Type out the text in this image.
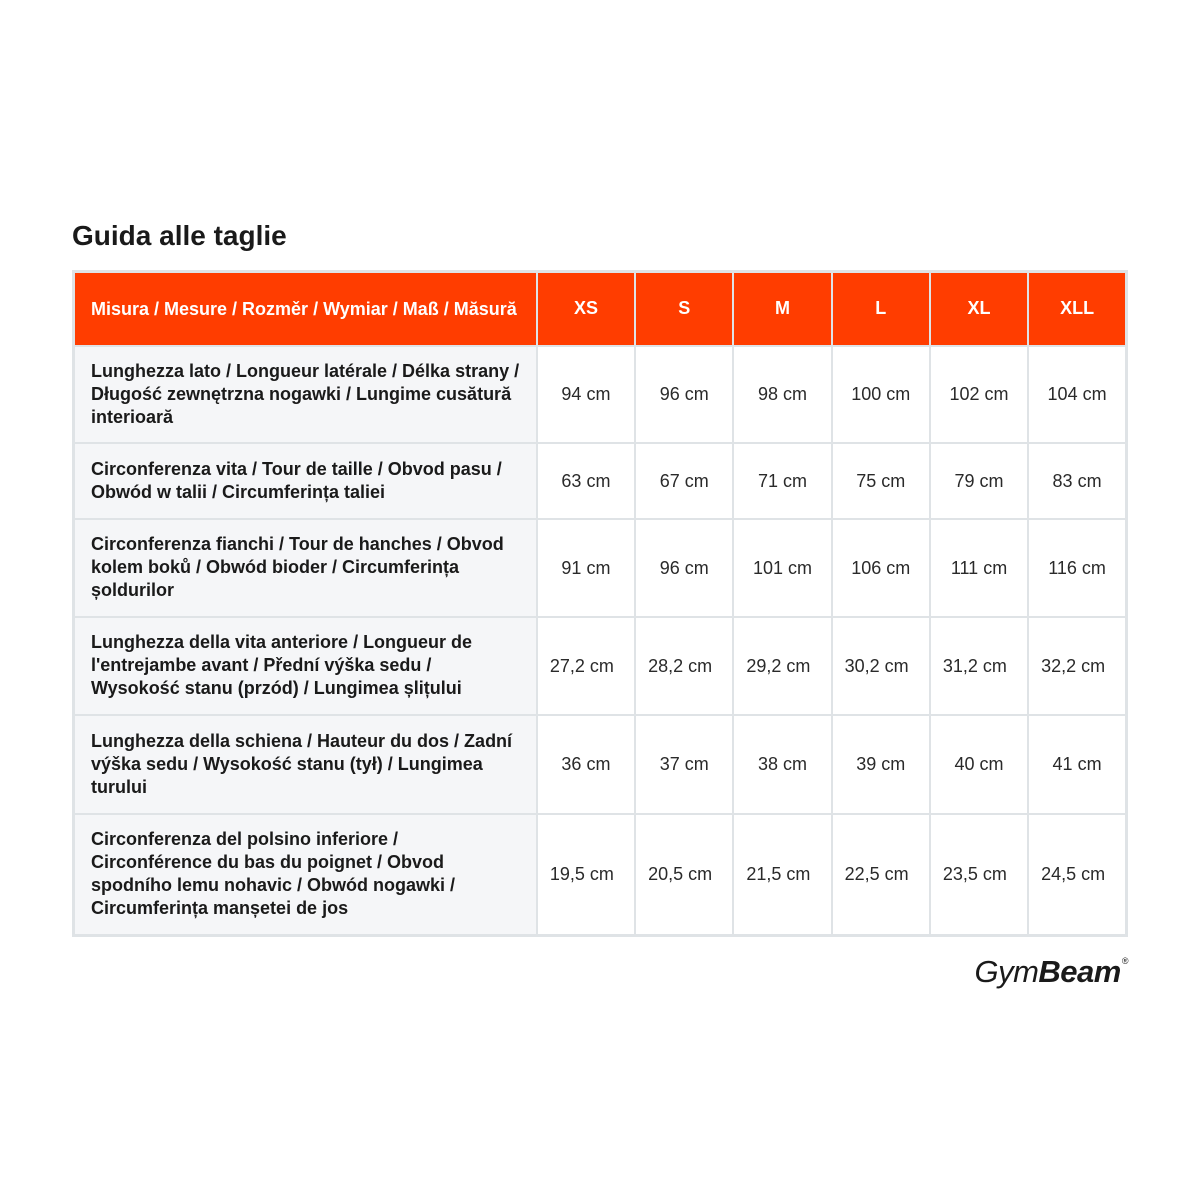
Guida alle taglie
Misura / Mesure / Rozměr / Wymiar / Maß / Măsură	XS	S	M	L	XL	XLL
Lunghezza lato / Longueur latérale / Délka strany / Długość zewnętrzna nogawki / Lungime cusătură interioară	94 cm	96 cm	98 cm	100 cm	102 cm	104 cm
Circonferenza vita / Tour de taille / Obvod pasu / Obwód w talii / Circumferința taliei	63 cm	67 cm	71 cm	75 cm	79 cm	83 cm
Circonferenza fianchi / Tour de hanches / Obvod kolem boků / Obwód bioder / Circumferința șoldurilor	91 cm	96 cm	101 cm	106 cm	111 cm	116 cm
Lunghezza della vita anteriore / Longueur de l'entrejambe avant / Přední výška sedu / Wysokość stanu (przód) / Lungimea șlițului	27,2 cm	28,2 cm	29,2 cm	30,2 cm	31,2 cm	32,2 cm
Lunghezza della schiena / Hauteur du dos / Zadní výška sedu / Wysokość stanu (tył) / Lungimea turului	36 cm	37 cm	38 cm	39 cm	40 cm	41 cm
Circonferenza del polsino inferiore / Circonférence du bas du poignet / Obvod spodního lemu nohavic / Obwód nogawki / Circumferința manșetei de jos	19,5 cm	20,5 cm	21,5 cm	22,5 cm	23,5 cm	24,5 cm
Gym Beam ®
